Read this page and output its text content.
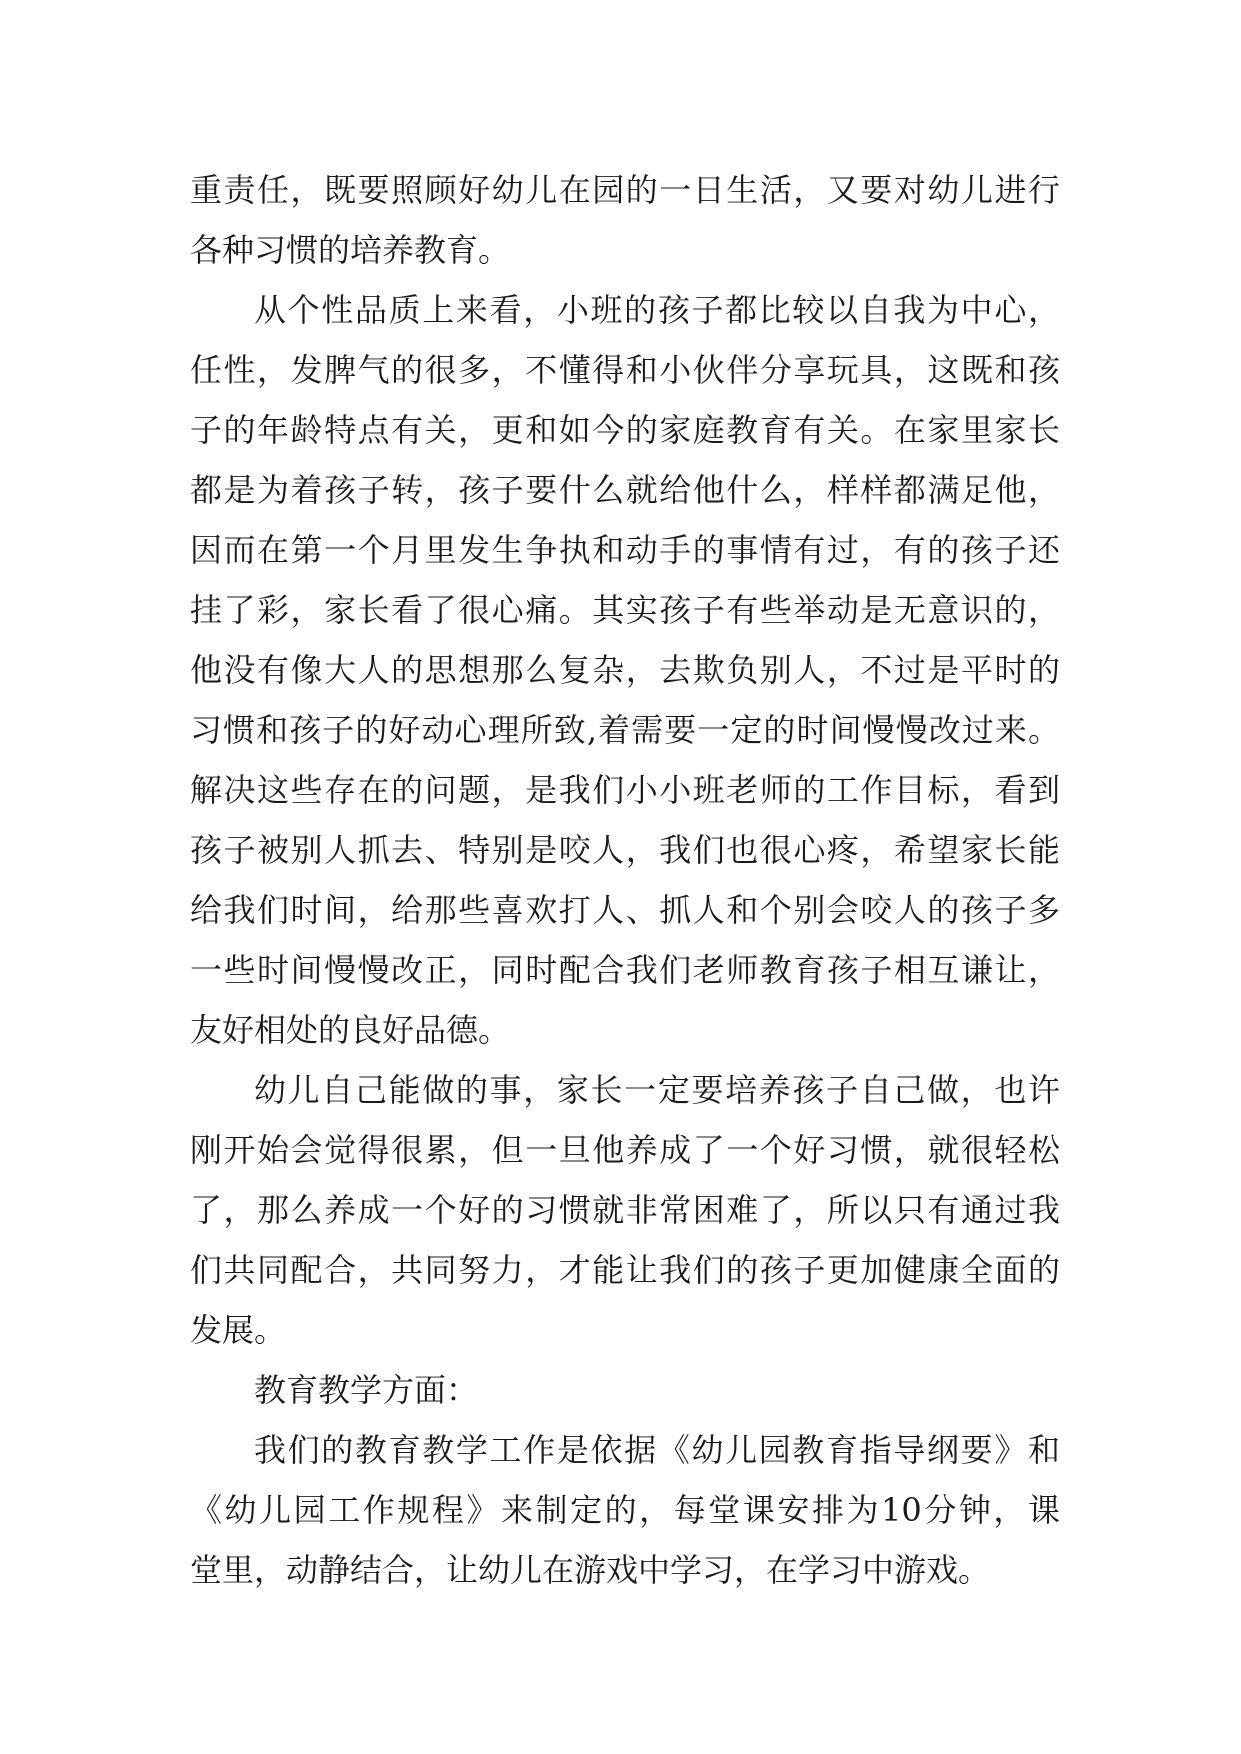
重责任，既要照顾好幼儿在园的一日生活，又要对幼儿进行
各种习惯的培养教育。
从个性品质上来看，小班的孩子都比较以自我为中心，
任性，发脾气的很多，不懂得和小伙伴分享玩具，这既和孩
子的年龄特点有关，更和如今的家庭教育有关。在家里家长
都是为着孩子转，孩子要什么就给他什么，样样都满足他，
因而在第一个月里发生争执和动手的事情有过，有的孩子还
挂了彩，家长看了很心痛。其实孩子有些举动是无意识的，
他没有像大人的思想那么复杂，去欺负别人，不过是平时的
习惯和孩子的好动心理所致,着需要一定的时间慢慢改过来。
解决这些存在的问题，是我们小小班老师的工作目标，看到
孩子被别人抓去、特别是咬人，我们也很心疼，希望家长能
给我们时间，给那些喜欢打人、抓人和个别会咬人的孩子多
一些时间慢慢改正，同时配合我们老师教育孩子相互谦让，
友好相处的良好品德。
幼儿自己能做的事，家长一定要培养孩子自己做，也许
刚开始会觉得很累，但一旦他养成了一个好习惯，就很轻松
了，那么养成一个好的习惯就非常困难了，所以只有通过我
们共同配合，共同努力，才能让我们的孩子更加健康全面的
发展。
教育教学方面：
我们的教育教学工作是依据《幼儿园教育指导纲要》和
《幼儿园工作规程》来制定的，每堂课安排为10分钟，课
堂里，动静结合，让幼儿在游戏中学习，在学习中游戏。
